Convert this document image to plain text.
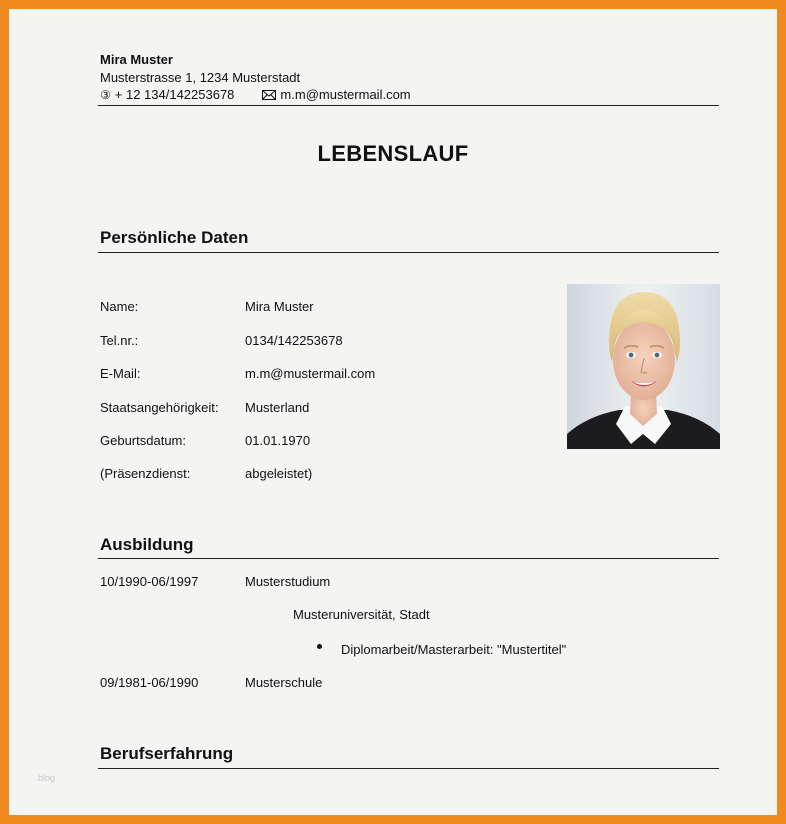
Mira Muster
Musterstrasse 1, 1234 Musterstadt
③ + 12 134/142253678	m.m@mustermail.com
LEBENSLAUF
Persönliche Daten
Name:	Mira Muster
Tel.nr.:	0134/142253678
E-Mail:	m.m@mustermail.com
Staatsangehörigkeit: Musterland
Geburtsdatum:	01.01.1970
(Präsenzdienst:	abgeleistet)
Ausbildung
10/1990-06/1997	Musterstudium
Musteruniversität, Stadt
Diplomarbeit/Masterarbeit: "Mustertitel"
09/1981-06/1990	Musterschule
Berufserfahrung
blog
